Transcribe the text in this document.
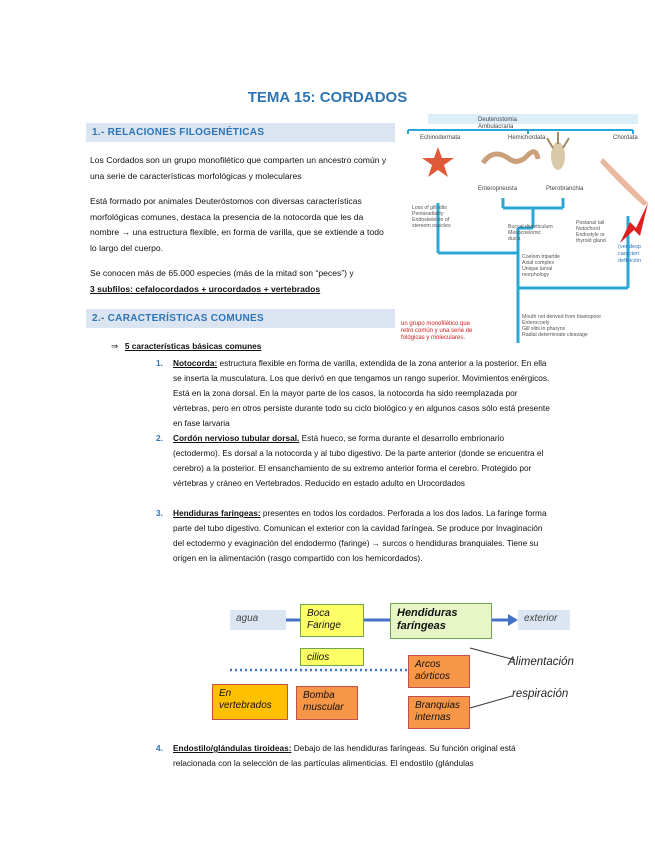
TEMA 15: CORDADOS
1.- RELACIONES FILOGENÉTICAS
Los Cordados son un grupo monofilético que comparten un ancestro común y una serie de características morfológicas y moleculares
Está formado por animales Deuteróstomos con diversas características morfológicas comunes, destaca la presencia de la notocorda que les da nombre → una estructura flexible, en forma de varilla, que se extiende a todo lo largo del cuerpo.
Se conocen más de 65.000 especies (más de la mitad son “peces”) y
3 subfilos: cefalocordados + urocordados + vertebrados
Deuterostomia
Ambulacraria
Echinodermata	Hemichordata	Chordata
Enteropneusta	Pterobranchia
(ver desp caracterí definición
un grupo monofilético que retro común y una serie de fológicas y moleculares.
Loss of gill slits
Pentaradiality
Endoskeleton of
stereom ossicles	Buccal diverticulum
Mesocoelomic
ducts
Postanal tail
Notochord
Endostyle or
thyroid gland
Coelom tripartite
Axial complex
Unique larval
morphology
Mouth not derived from blastopore
Enterocoely
Gill slits in pharynx
Radial determinate cleavage
2.- CARACTERÍSTICAS COMUNES
⇒ 5 características básicas comunes
1. Notocorda: estructura flexible en forma de varilla, extendida de la zona anterior a la posterior. En ella se inserta la musculatura. Los que derivó en que tengamos un rango superior. Movimientos enérgicos. Está en la zona dorsal. En la mayor parte de los casos, la notocorda ha sido reemplazada por vértebras, pero en otros persiste durante todo su ciclo biológico y en algunos casos sólo está presente en fase larvaria
2. Cordón nervioso tubular dorsal. Está hueco, se forma durante el desarrollo embrionario (ectodermo). Es dorsal a la notocorda y al tubo digestivo. De la parte anterior (donde se encuentra el cerebro) a la posterior. El ensanchamiento de su extremo anterior forma el cerebro. Protegido por vértebras y cráneo en Vertebrados. Reducido en estado adulto en Urocordados
3. Hendiduras faríngeas: presentes en todos los cordados. Perforada a los dos lados. La faringe forma parte del tubo digestivo. Comunican el exterior con la cavidad faríngea. Se produce por Invaginación del ectodermo y evaginación del endodermo (faringe) → surcos o hendiduras branquiales. Tiene su origen en la alimentación (rasgo compartido con los hemicordados).
agua	Boca
Faringe
Hendiduras
faríngeas
exterior
cilios	Alimentación
Arcos
aórticos
respiración
En
vertebrados
Bomba
muscular	Branquias
internas
4. Endostilo/glándulas tiroideas: Debajo de las hendiduras faríngeas. Su función original está relacionada con la selección de las partículas alimenticias. El endostilo (glándulas
